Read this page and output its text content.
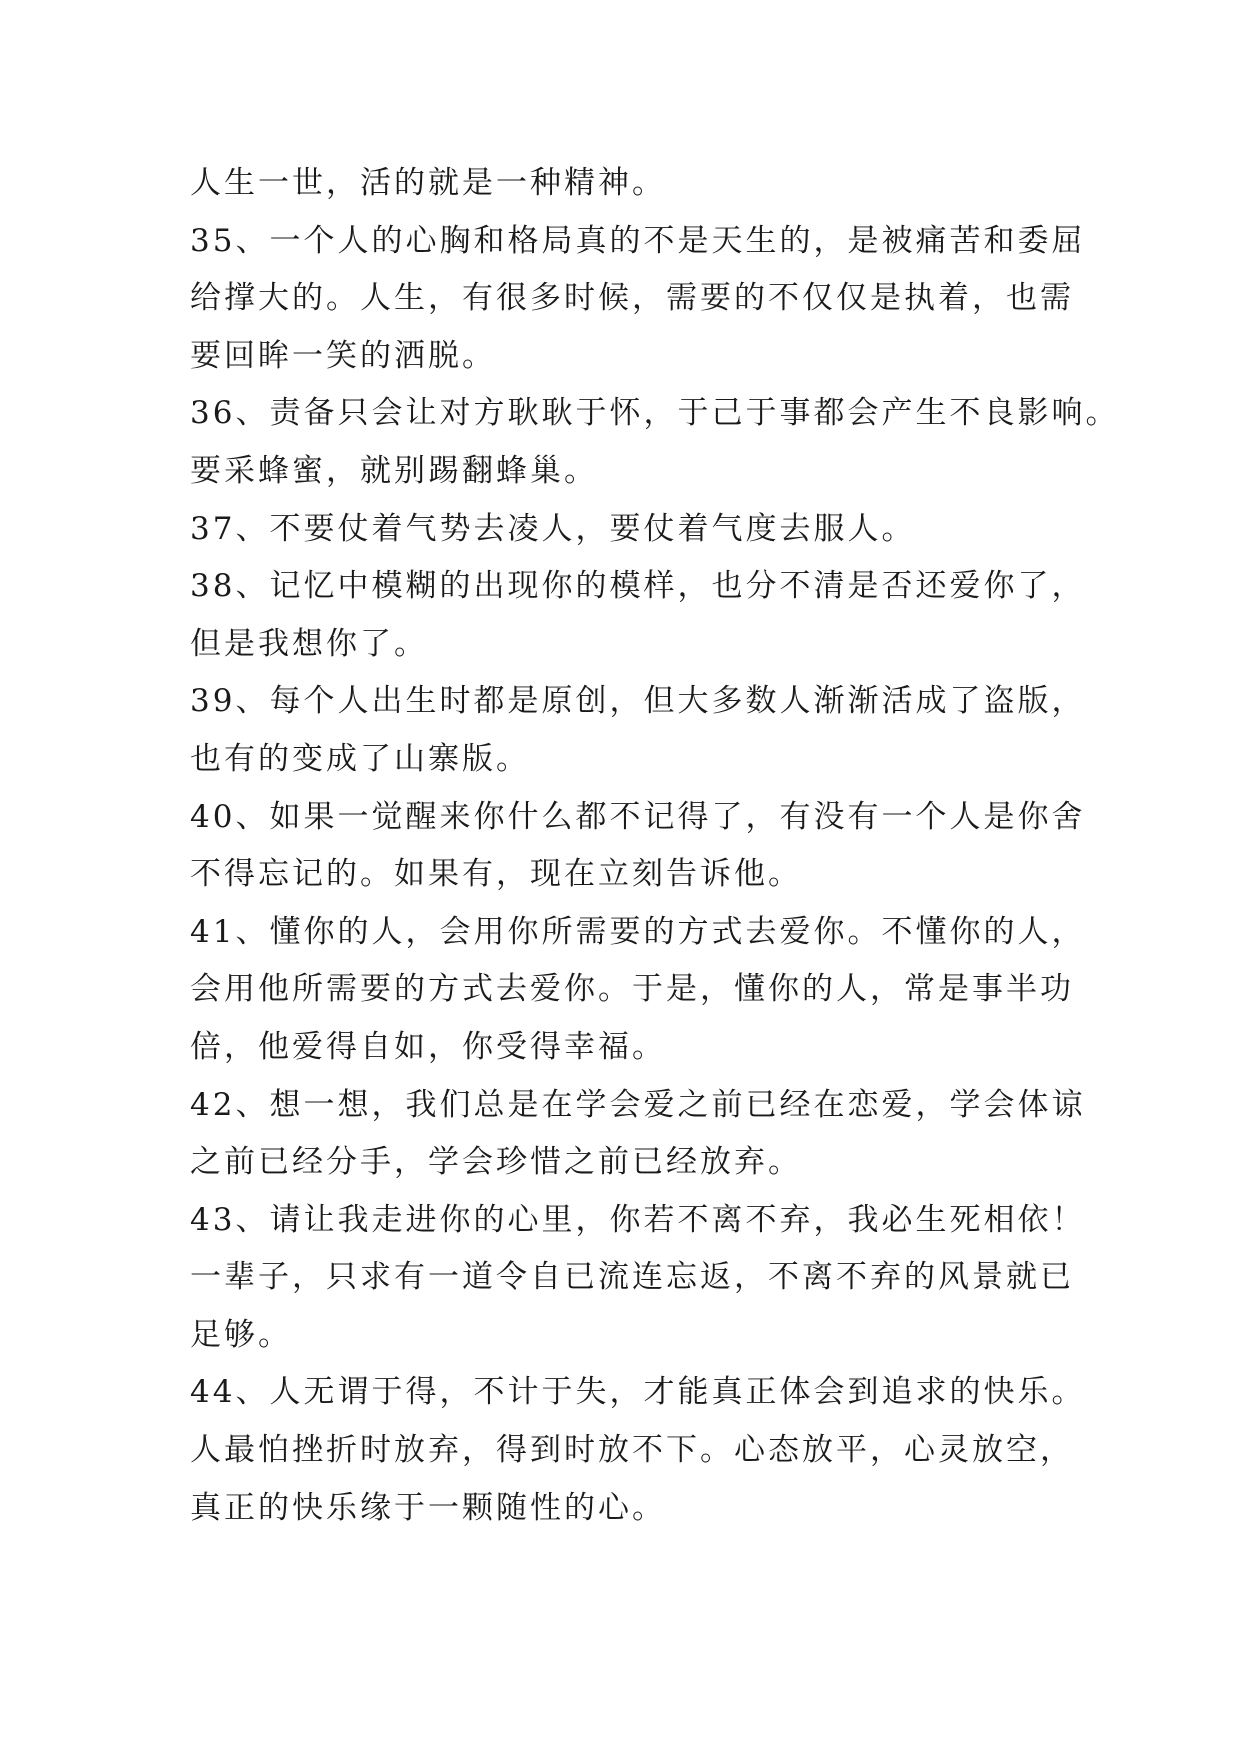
人生一世，活的就是一种精神。
35、一个人的心胸和格局真的不是天生的，是被痛苦和委屈
给撑大的。人生，有很多时候，需要的不仅仅是执着，也需
要回眸一笑的洒脱。
36、责备只会让对方耿耿于怀，于己于事都会产生不良影响。
要采蜂蜜，就别踢翻蜂巢。
37、不要仗着气势去凌人，要仗着气度去服人。
38、记忆中模糊的出现你的模样，也分不清是否还爱你了，
但是我想你了。
39、每个人出生时都是原创，但大多数人渐渐活成了盗版，
也有的变成了山寨版。
40、如果一觉醒来你什么都不记得了，有没有一个人是你舍
不得忘记的。如果有，现在立刻告诉他。
41、懂你的人，会用你所需要的方式去爱你。不懂你的人，
会用他所需要的方式去爱你。于是，懂你的人，常是事半功
倍，他爱得自如，你受得幸福。
42、想一想，我们总是在学会爱之前已经在恋爱，学会体谅
之前已经分手，学会珍惜之前已经放弃。
43、请让我走进你的心里，你若不离不弃，我必生死相依！
一辈子，只求有一道令自已流连忘返，不离不弃的风景就已
足够。
44、人无谓于得，不计于失，才能真正体会到追求的快乐。
人最怕挫折时放弃，得到时放不下。心态放平，心灵放空，
真正的快乐缘于一颗随性的心。
